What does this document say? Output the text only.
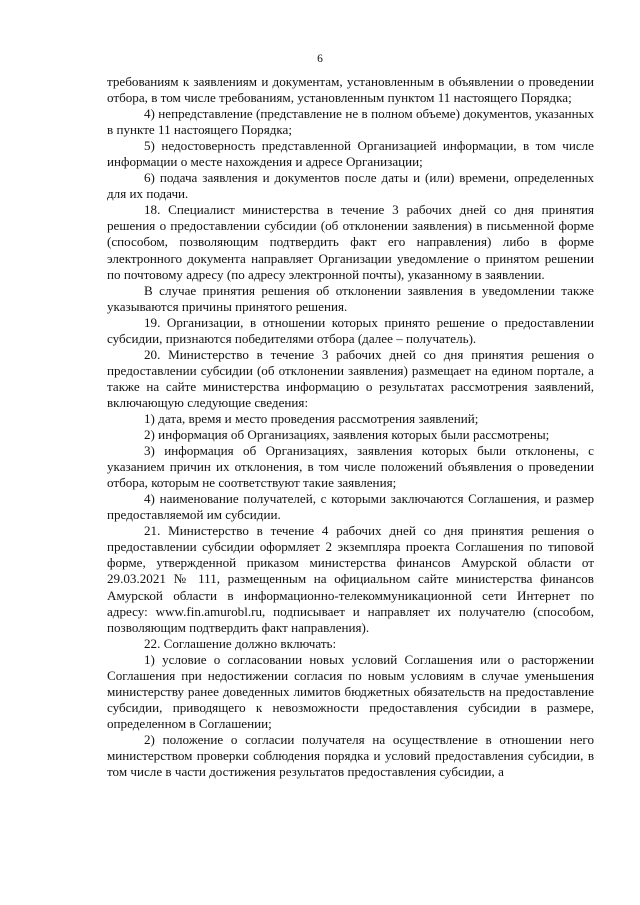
6

требованиям к заявлениям и документам, установленным в объявлении о проведении отбора, в том числе требованиям, установленным пунктом 11 настоящего Порядка;

4) непредставление (представление не в полном объеме) документов, указанных в пункте 11 настоящего Порядка;

5) недостоверность представленной Организацией информации, в том числе информации о месте нахождения и адресе Организации;

6) подача заявления и документов после даты и (или) времени, определенных для их подачи.

18. Специалист министерства в течение 3 рабочих дней со дня принятия решения о предоставлении субсидии (об отклонении заявления) в письменной форме (способом, позволяющим подтвердить факт его направления) либо в форме электронного документа направляет Организации уведомление о принятом решении по почтовому адресу (по адресу электронной почты), указанному в заявлении.

В случае принятия решения об отклонении заявления в уведомлении также указываются причины принятого решения.

19. Организации, в отношении которых принято решение о предоставлении субсидии, признаются победителями отбора (далее – получатель).

20. Министерство в течение 3 рабочих дней со дня принятия решения о предоставлении субсидии (об отклонении заявления) размещает на едином портале, а также на сайте министерства информацию о результатах рассмотрения заявлений, включающую следующие сведения:

1) дата, время и место проведения рассмотрения заявлений;

2) информация об Организациях, заявления которых были рассмотрены;

3) информация об Организациях, заявления которых были отклонены, с указанием причин их отклонения, в том числе положений объявления о проведении отбора, которым не соответствуют такие заявления;

4) наименование получателей, с которыми заключаются Соглашения, и размер предоставляемой им субсидии.

21. Министерство в течение 4 рабочих дней со дня принятия решения о предоставлении субсидии оформляет 2 экземпляра проекта Соглашения по типовой форме, утвержденной приказом министерства финансов Амурской области от 29.03.2021 № 111, размещенным на официальном сайте министерства финансов Амурской области в информационно-телекоммуникационной сети Интернет по адресу: www.fin.amurobl.ru, подписывает и направляет их получателю (способом, позволяющим подтвердить факт направления).

22. Соглашение должно включать:

1) условие о согласовании новых условий Соглашения или о расторжении Соглашения при недостижении согласия по новым условиям в случае уменьшения министерству ранее доведенных лимитов бюджетных обязательств на предоставление субсидии, приводящего к невозможности предоставления субсидии в размере, определенном в Соглашении;

2) положение о согласии получателя на осуществление в отношении него министерством проверки соблюдения порядка и условий предоставления субсидии, в том числе в части достижения результатов предоставления субсидии, а
